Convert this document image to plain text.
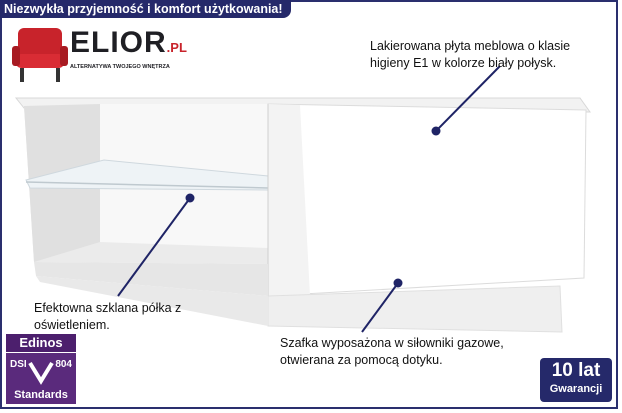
Niezwykła przyjemność i komfort użytkowania!
ELIOR.PL
ALTERNATYWA TWOJEGO WNĘTRZA
Lakierowana płyta meblowa o klasie higieny E1 w kolorze biały połysk.
Efektowna szklana półka z oświetleniem.
Szafka wyposażona w siłowniki gazowe, otwierana za pomocą dotyku.
Edinos
DSI	804
Standards
10 lat
Gwarancji
